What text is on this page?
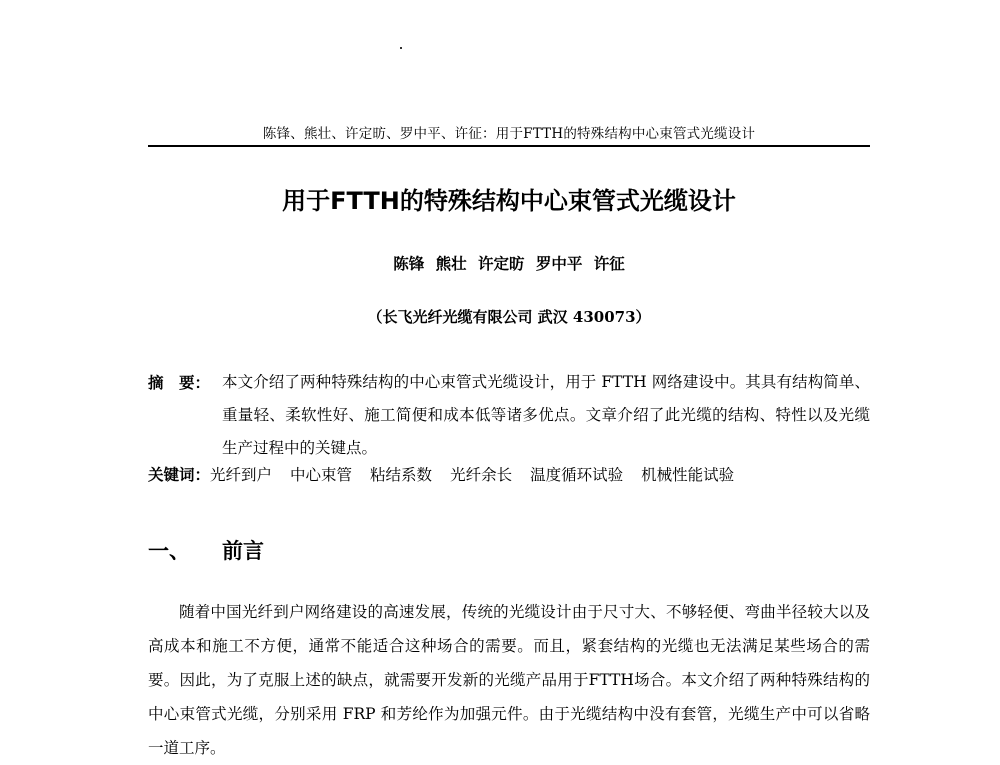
陈锋、熊壮、许定昉、罗中平、许征：用于FTTH的特殊结构中心束管式光缆设计
用于FTTH的特殊结构中心束管式光缆设计
陈锋 熊壮 许定昉 罗中平 许征
（长飞光纤光缆有限公司 武汉 430073）
摘　要： 本文介绍了两种特殊结构的中心束管式光缆设计，用于 FTTH 网络建设中。其具有结构简单、重量轻、柔软性好、施工简便和成本低等诸多优点。文章介绍了此光缆的结构、特性以及光缆生产过程中的关键点。
关键词：光纤到户 中心束管 粘结系数 光纤余长 温度循环试验 机械性能试验
一、 前言
随着中国光纤到户网络建设的高速发展，传统的光缆设计由于尺寸大、不够轻便、弯曲半径较大以及高成本和施工不方便，通常不能适合这种场合的需要。而且，紧套结构的光缆也无法满足某些场合的需要。因此，为了克服上述的缺点，就需要开发新的光缆产品用于FTTH场合。本文介绍了两种特殊结构的中心束管式光缆，分别采用 FRP 和芳纶作为加强元件。由于光缆结构中没有套管，光缆生产中可以省略一道工序。
